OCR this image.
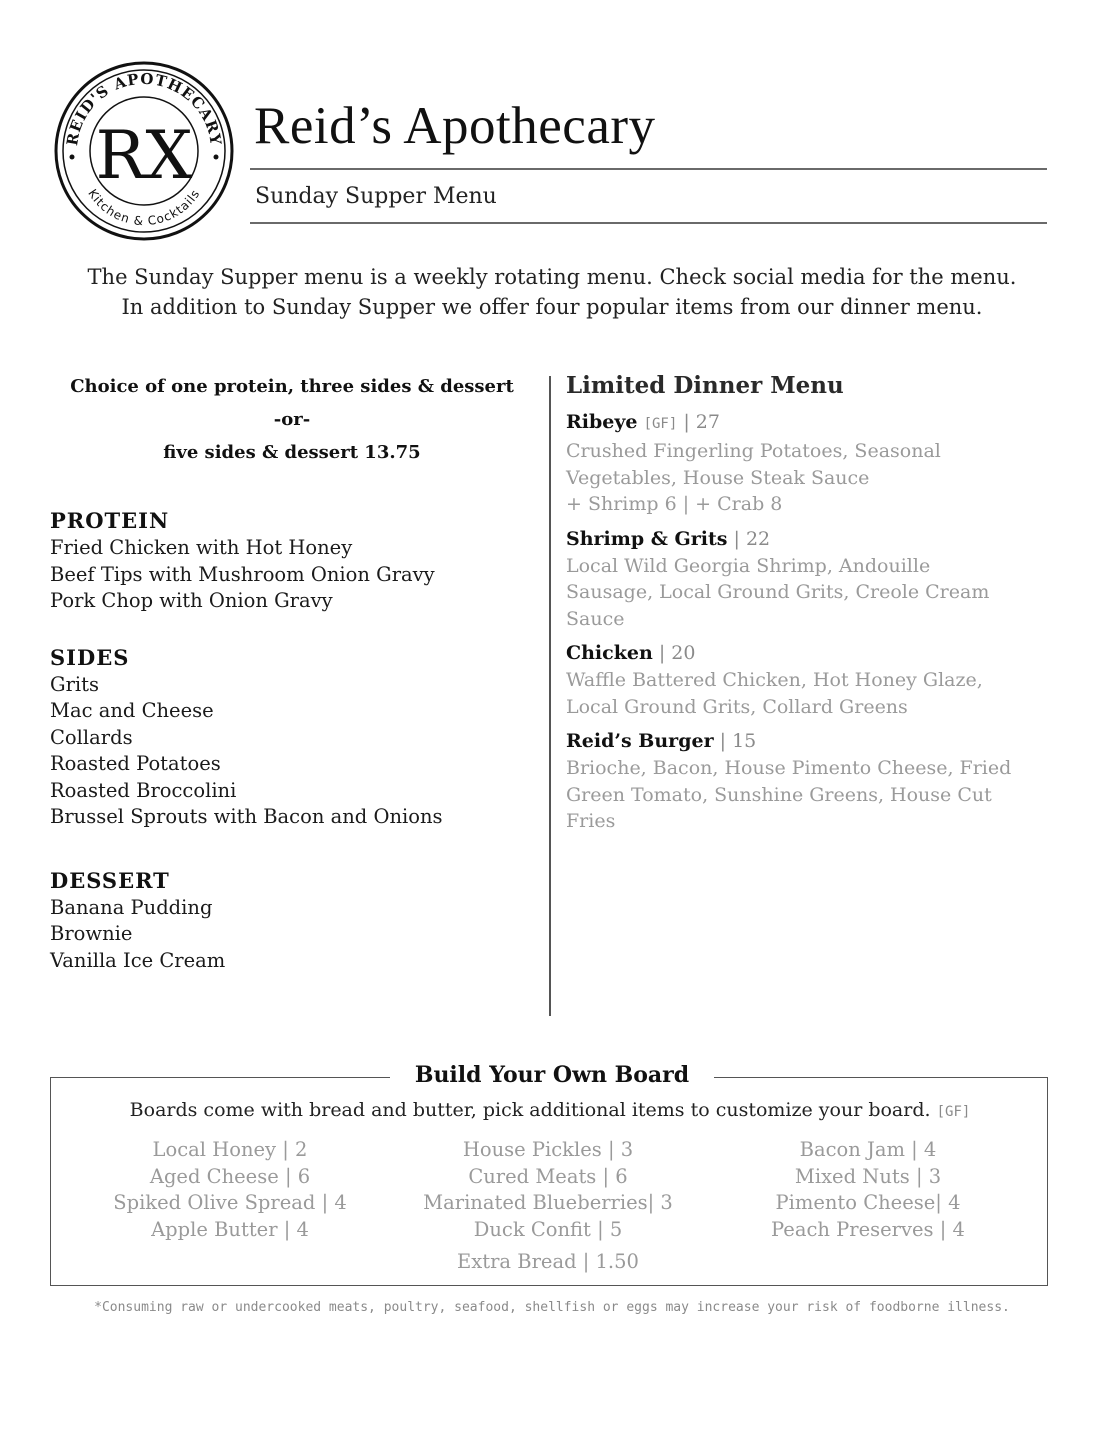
REID'S APOTHECARY
Kitchen & Cocktails
RX Reid’s Apothecary
Sunday Supper Menu
The Sunday Supper menu is a weekly rotating menu. Check social media for the menu.
In addition to Sunday Supper we offer four popular items from our dinner menu.
Choice of one protein, three sides & dessert
-or-
five sides & dessert 13.75
PROTEIN
Fried Chicken with Hot Honey
Beef Tips with Mushroom Onion Gravy
Pork Chop with Onion Gravy
SIDES
Grits
Mac and Cheese
Collards
Roasted Potatoes
Roasted Broccolini
Brussel Sprouts with Bacon and Onions
DESSERT
Banana Pudding
Brownie
Vanilla Ice Cream
Limited Dinner Menu
Ribeye [GF] | 27
Crushed Fingerling Potatoes, Seasonal
Vegetables, House Steak Sauce
+ Shrimp 6 | + Crab 8
Shrimp & Grits | 22
Local Wild Georgia Shrimp, Andouille
Sausage, Local Ground Grits, Creole Cream
Sauce
Chicken | 20
Waffle Battered Chicken, Hot Honey Glaze,
Local Ground Grits, Collard Greens
Reid’s Burger | 15
Brioche, Bacon, House Pimento Cheese, Fried
Green Tomato, Sunshine Greens, House Cut
Fries
Build Your Own Board
Boards come with bread and butter, pick additional items to customize your board. [GF]
Local Honey | 2
Aged Cheese | 6
Spiked Olive Spread | 4
Apple Butter | 4
House Pickles | 3
Cured Meats | 6
Marinated Blueberries| 3
Duck Confit | 5
Bacon Jam | 4
Mixed Nuts | 3
Pimento Cheese| 4
Peach Preserves | 4
Extra Bread | 1.50
*Consuming raw or undercooked meats, poultry, seafood, shellfish or eggs may increase your risk of foodborne illness.
